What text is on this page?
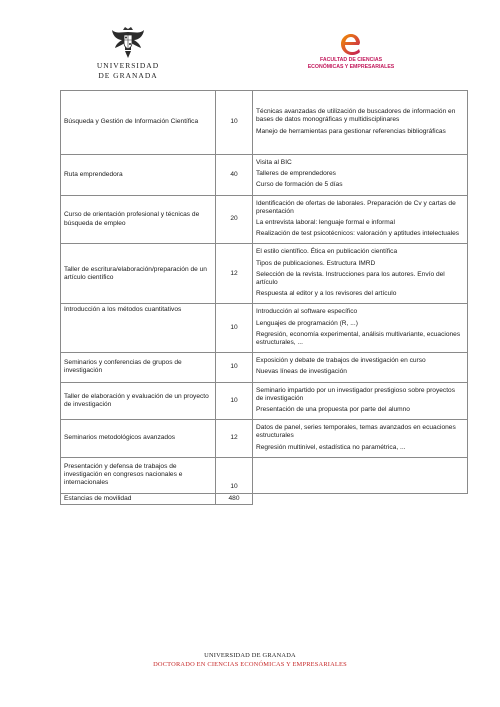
UNIVERSIDAD
DE GRANADA
FACULTAD DE CIENCIAS
ECONÓMICAS Y EMPRESARIALES
Búsqueda y Gestión de Información Científica	10	Técnicas avanzadas de utilización de buscadores de información en bases de datos monográficas y multidisciplinares

Manejo de herramientas para gestionar referencias bibliográficas

Ruta emprendedora	40	Visita al BIC

Talleres de emprendedores

Curso de formación de 5 días

Curso de orientación profesional y técnicas de búsqueda de empleo	20	Identificación de ofertas de laborales. Preparación de Cv y cartas de presentación

La entrevista laboral: lenguaje formal e informal

Realización de test psicotécnicos: valoración y aptitudes intelectuales

Taller de escritura/elaboración/preparación de un artículo científico	12	El estilo científico. Ética en publicación científica

Tipos de publicaciones. Estructura IMRD

Selección de la revista. Instrucciones para los autores. Envío del artículo

Respuesta al editor y a los revisores del artículo

Introducción a los métodos cuantitativos	10	Introducción al software específico

Lenguajes de programación (R, ...)

Regresión, economía experimental, análisis multivariante, ecuaciones estructurales, ...

Seminarios y conferencias de grupos de investigación	10	Exposición y debate de trabajos de investigación en curso

Nuevas líneas de investigación

Taller de elaboración y evaluación de un proyecto de investigación	10	Seminario impartido por un investigador prestigioso sobre proyectos de investigación

Presentación de una propuesta por parte del alumno

Seminarios metodológicos avanzados	12	Datos de panel, series temporales, temas avanzados en ecuaciones estructurales

Regresión multinivel, estadística no paramétrica, ...

Presentación y defensa de trabajos de investigación en congresos nacionales e internacionales	10	
Estancias de movilidad	480	
UNIVERSIDAD DE GRANADA
DOCTORADO EN CIENCIAS ECONÓMICAS Y EMPRESARIALES
